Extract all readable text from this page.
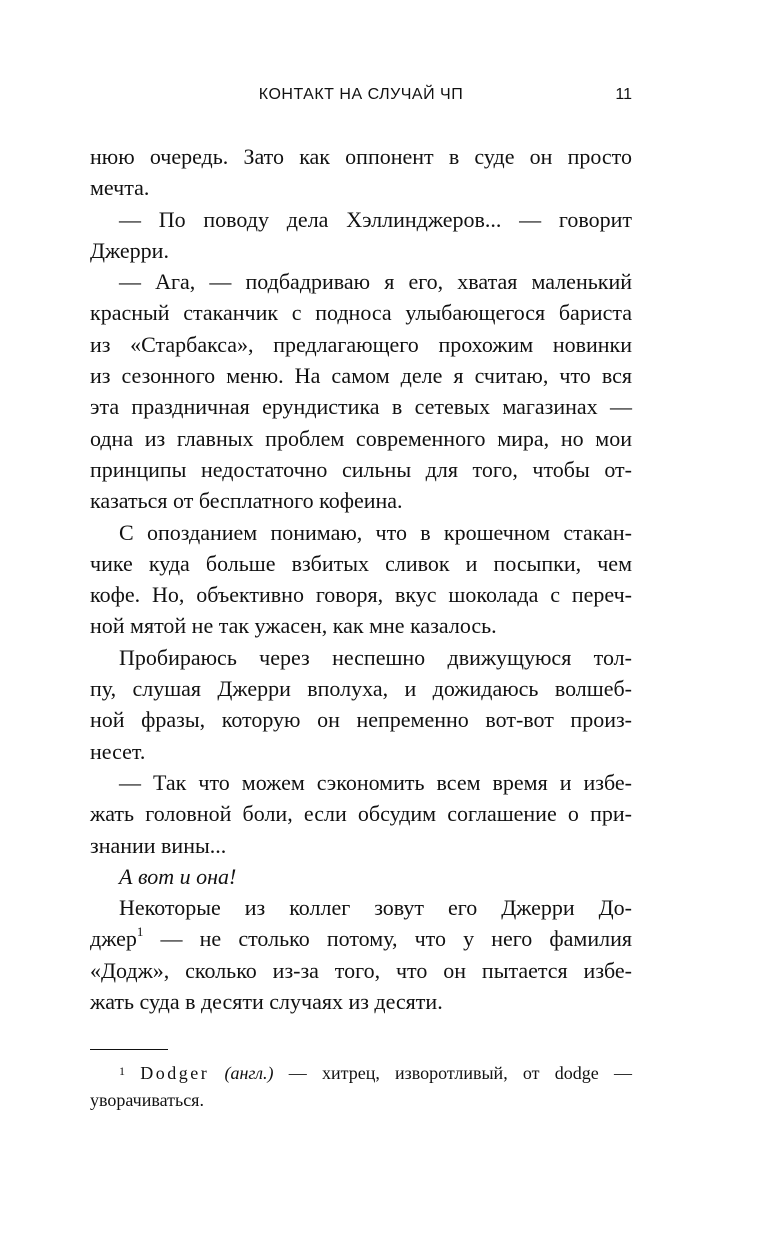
КОНТАКТ НА СЛУЧАЙ ЧП	11
нюю очередь. Зато как оппонент в суде он просто
мечта.
— По поводу дела Хэллинджеров... — говорит
Джерри.
— Ага, — подбадриваю я его, хватая маленький
красный стаканчик с подноса улыбающегося бариста
из «Старбакса», предлагающего прохожим новинки
из сезонного меню. На самом деле я считаю, что вся
эта праздничная ерундистика в сетевых магазинах —
одна из главных проблем современного мира, но мои
принципы недостаточно сильны для того, чтобы от-
казаться от бесплатного кофеина.
С опозданием понимаю, что в крошечном стакан-
чике куда больше взбитых сливок и посыпки, чем
кофе. Но, объективно говоря, вкус шоколада с переч-
ной мятой не так ужасен, как мне казалось.
Пробираюсь через неспешно движущуюся тол-
пу, слушая Джерри вполуха, и дожидаюсь волшеб-
ной фразы, которую он непременно вот-вот произ-
несет.
— Так что можем сэкономить всем время и избе-
жать головной боли, если обсудим соглашение о при-
знании вины...
А вот и она!
Некоторые из коллег зовут его Джерри До-
джер$^1$ — не столько потому, что у него фамилия
«Додж», сколько из-за того, что он пытается избе-
жать суда в десяти случаях из десяти.
$^1$ Dodger (англ.) — хитрец, изворотливый, от dodge —
уворачиваться.
